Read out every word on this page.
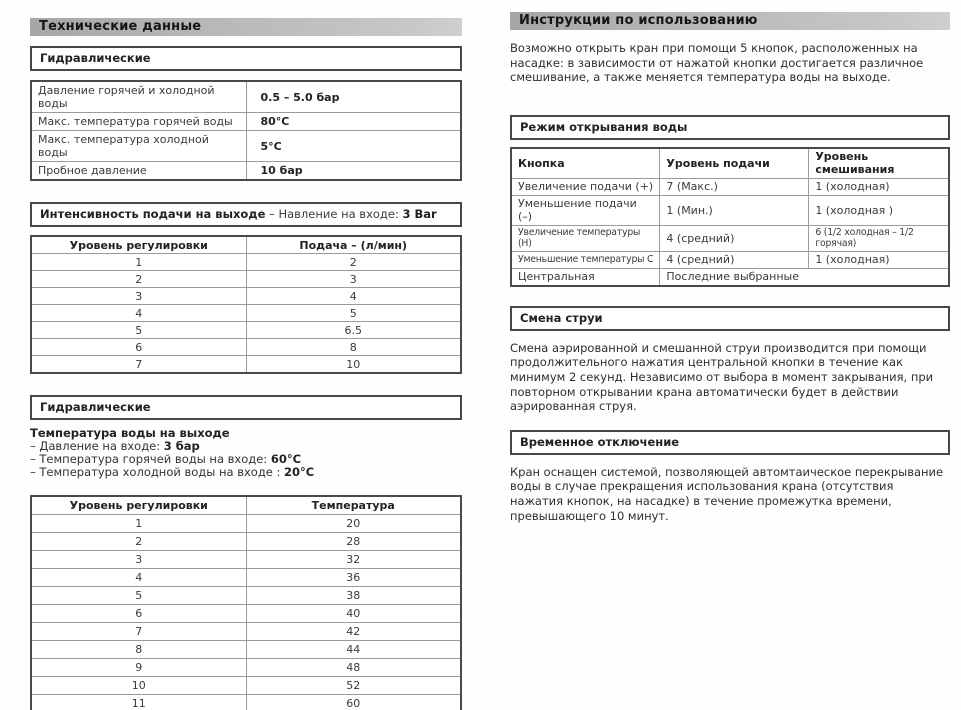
Технические данные
Гидравлические
Давление горячей и холодной воды	0.5 – 5.0 бар
Макс. температура горячей воды	80°C
Макс. температура холодной воды	5°C
Пробное давление	10 бар
Интенсивность подачи на выходе – Навление на входе: 3 Bar
Уровень регулировки	Подача – (л/мин)
1	2
2	3
3	4
4	5
5	6.5
6	8
7	10
Гидравлические
Температура воды на выходе
– Давление на входе: 3 бар
– Температура горячей воды на входе: 60°C
– Температура холодной воды на входе : 20°C
Уровень регулировки	Температура
1	20
2	28
3	32
4	36
5	38
6	40
7	42
8	44
9	48
10	52
11	60
Инструкции по использованию
Возможно открыть кран при помощи 5 кнопок, расположенных на насадке: в зависимости от нажатой кнопки достигается различное смешивание, а также меняется температура воды на выходе.
Режим открывания воды
Кнопка	Уровень подачи	Уровень смешивания
Увеличение подачи (+)	7 (Макс.)	1 (холодная)
Уменьшение подачи (–)	1 (Мин.)	1 (холодная )
Увеличение температуры (H)	4 (средний)	6 (1/2 холодная – 1/2 горячая)
Уменьшение температуры C	4 (средний)	1 (холодная)
Центральная	Последние выбранные	
Смена струи
Смена аэрированной и смешанной струи производится при помощи продолжительного нажатия центральной кнопки в течение как минимум 2 секунд. Независимо от выбора в момент закрывания, при повторном открывании крана автоматически будет в действии аэрированная струя.
Временное отключение
Кран оснащен системой, позволяющей автомтаическое перекрывание воды в случае прекращения использования крана (отсутствия нажатия кнопок, на насадке) в течение промежутка времени, превышающего 10 минут.
